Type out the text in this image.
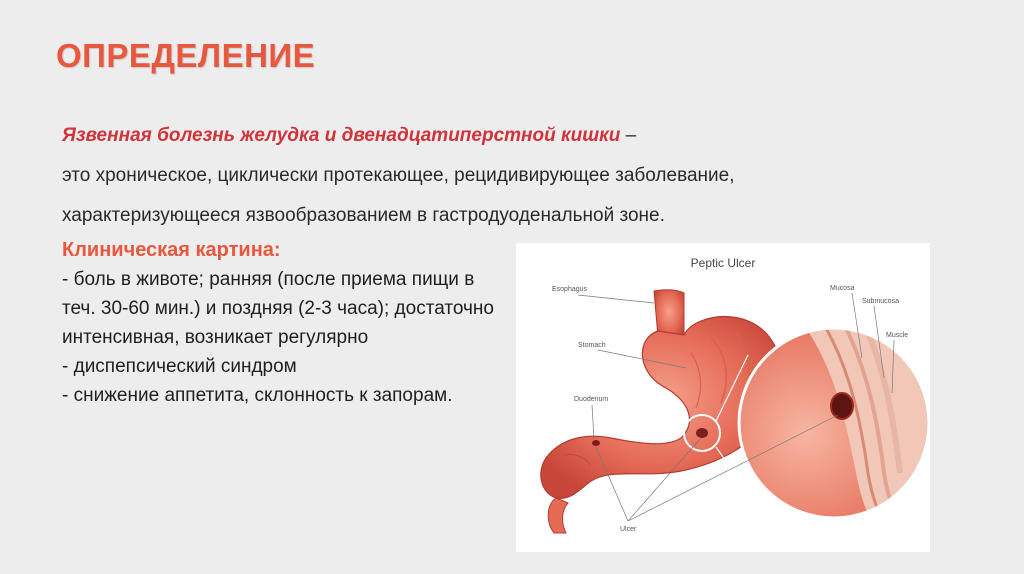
ОПРЕДЕЛЕНИЕ
Язвенная болезнь желудка и двенадцатиперстной кишки –
это хроническое, циклически протекающее, рецидивирующее заболевание,
характеризующееся язвообразованием в гастродуоденальной зоне.
Клиническая картина:
- боль в животе; ранняя (после приема пищи в теч. 30-60 мин.) и поздняя (2-3 часа); достаточно интенсивная, возникает регулярно
- диспепсический синдром
- снижение аппетита, склонность к запорам.
Peptic Ulcer
Esophagus
Stomach
Duodenum
Ulcer
Mucosa
Submucosa
Muscle
